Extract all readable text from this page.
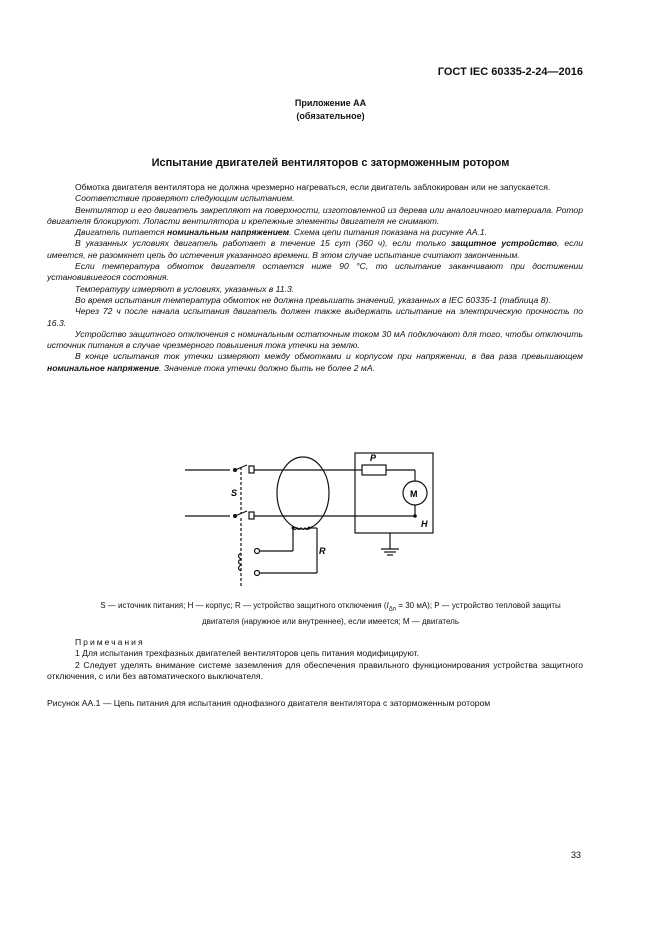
ГОСТ IEC 60335-2-24—2016
Приложение АА
(обязательное)
Испытание двигателей вентиляторов с заторможенным ротором

Обмотка двигателя вентилятора не должна чрезмерно нагреваться, если двигатель заблокирован или не запускается.

Соответствие проверяют следующим испытанием.

Вентилятор и его двигатель закрепляют на поверхности, изготовленной из дерева или аналогичного материала. Ротор двигателя блокируют. Лопасти вентилятора и крепежные элементы двигателя не снимают.

Двигатель питается номинальным напряжением. Схема цепи питания показана на рисунке АА.1.

В указанных условиях двигатель работает в течение 15 сут (360 ч), если только защитное устройство, если имеется, не разомкнет цепь до истечения указанного времени. В этом случае испытание считают законченным.

Если температура обмоток двигателя остается ниже 90 °С, то испытание заканчивают при достижении установившегося состояния.

Температуру измеряют в условиях, указанных в 11.3.

Во время испытания температура обмоток не должна превышать значений, указанных в IEC 60335-1 (таблица 8).

Через 72 ч после начала испытания двигатель должен также выдержать испытание на электрическую прочность по 16.3.

Устройство защитного отключения с номинальным остаточным током 30 мА подключают для того, чтобы отключить источник питания в случае чрезмерного повышения тока утечки на землю.

В конце испытания ток утечки измеряют между обмотками и корпусом при напряжении, в два раза превышающем номинальное напряжение. Значение тока утечки должно быть не более 2 мА.

S
P
M
H
R
S — источник питания; H — корпус; R — устройство защитного отключения ($I_{\Delta n} = 30$ мА); P — устройство тепловой защиты
двигателя (наружное или внутреннее), если имеется; M — двигатель

Примечания

1 Для испытания трехфазных двигателей вентиляторов цепь питания модифицируют.

2 Следует уделять внимание системе заземления для обеспечения правильного функционирования устройства защитного отключения, с или без автоматического выключателя.

Рисунок АА.1 — Цепь питания для испытания однофазного двигателя вентилятора с заторможенным ротором
33
